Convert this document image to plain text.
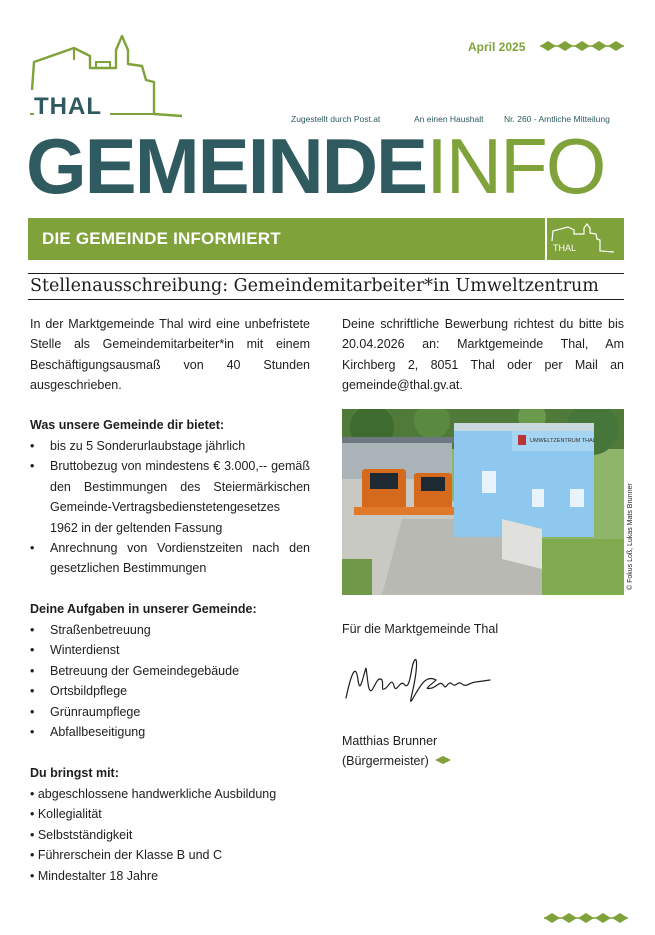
THAL
April 2025
Zugestellt durch Post.at	An einen Haushalt Nr. 260 - Amtliche Mitteilung
GEMEINDEINFO
DIE GEMEINDE INFORMIERT	THAL
Stellenausschreibung: Gemeindemitarbeiter*in Umweltzentrum
In der Marktgemeinde Thal wird eine unbefristete Stelle als Gemeindemitarbeiter*in mit einem Beschäftigungsausmaß von 40 Stunden ausgeschrieben.
Was unsere Gemeinde dir bietet:
• bis zu 5 Sonderurlaubstage jährlich
• Bruttobezug von mindestens € 3.000,-- gemäß den Bestimmungen des Steiermärkischen Gemeinde-Vertragsbedienstetengesetzes 1962 in der geltenden Fassung
• Anrechnung von Vordienstzeiten nach den gesetzlichen Bestimmungen
Deine Aufgaben in unserer Gemeinde:
• Straßenbetreuung
• Winterdienst
• Betreuung der Gemeindegebäude
• Ortsbildpflege
• Grünraumpflege
• Abfallbeseitigung
Du bringst mit:
• abgeschlossene handwerkliche Ausbildung
• Kollegialität
• Selbstständigkeit
• Führerschein der Klasse B und C
• Mindestalter 18 Jahre
Deine schriftliche Bewerbung richtest du bitte bis 20.04.2026 an: Marktgemeinde Thal, Am Kirchberg 2, 8051 Thal oder per Mail an gemeinde@thal.gv.at.
UMWELTZENTRUM THAL
© Fokus Loß, Lukas Mats Brunner
Für die Marktgemeinde Thal
Matthias Brunner
(Bürgermeister)
